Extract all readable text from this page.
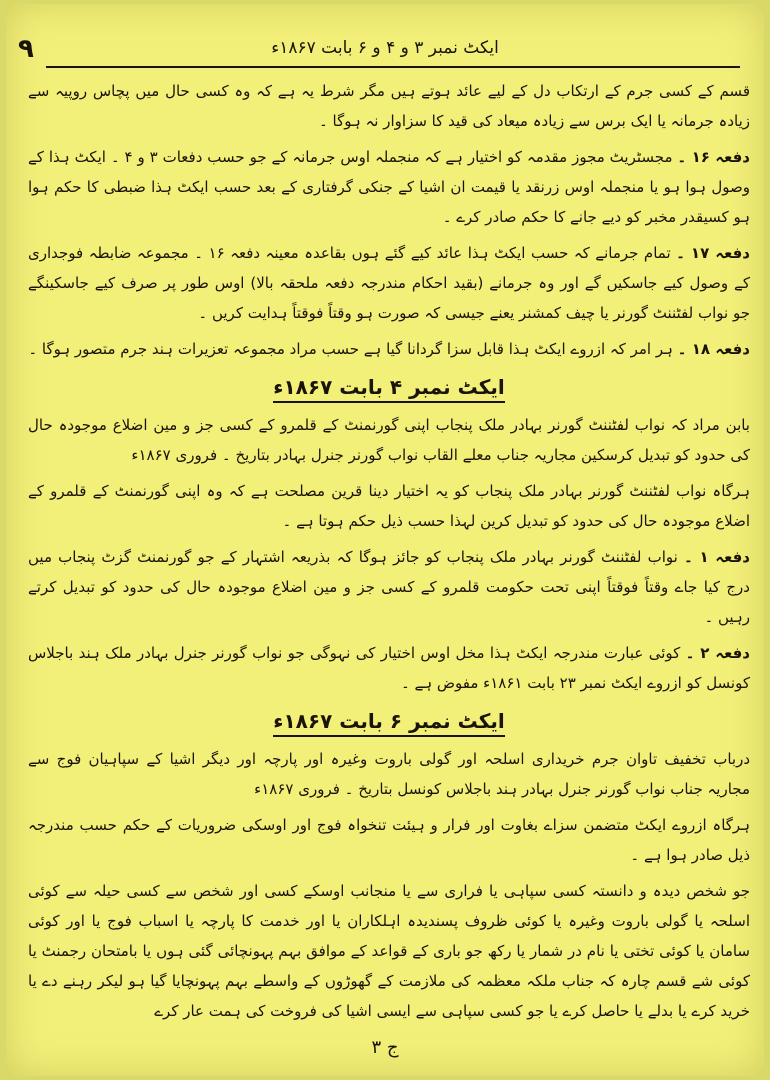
٩	ایکٹ نمبر ۳ و ۴ و ۶ بابت ۱۸۶۷ء

قسم کے کسی جرم کے ارتکاب دل کے لیے عائد ہوتے ہیں مگر شرط یہ ہے کہ وہ کسی حال میں پچاس روپیہ سے زیادہ جرمانہ یا ایک برس سے زیادہ میعاد کی قید کا سزاوار نہ ہوگا ۔

دفعہ ۱۶ ۔ مجسٹریٹ مجوز مقدمہ کو اختیار ہے کہ منجملہ اوس جرمانہ کے جو حسب دفعات ۳ و ۴ ۔ ایکٹ ہذا کے وصول ہوا ہو یا منجملہ اوس زرنقد یا قیمت ان اشیا کے جنکی گرفتاری کے بعد حسب ایکٹ ہذا ضبطی کا حکم ہوا ہو کسیقدر مخبر کو دیے جانے کا حکم صادر کرے ۔

دفعہ ۱۷ ۔ تمام جرمانے کہ حسب ایکٹ ہذا عائد کیے گئے ہوں بقاعدہ معینہ دفعہ ۱۶ ۔ مجموعہ ضابطہ فوجداری کے وصول کیے جاسکیں گے اور وہ جرمانے (بقید احکام مندرجہ دفعہ ملحقہ بالا) اوس طور پر صرف کیے جاسکینگے جو نواب لفٹننٹ گورنر یا چیف کمشنر یعنے جیسی کہ صورت ہو وقتاً فوقتاً ہدایت کریں ۔

دفعہ ۱۸ ۔ ہر امر کہ ازروے ایکٹ ہذا قابل سزا گردانا گیا ہے حسب مراد مجموعہ تعزیرات ہند جرم متصور ہوگا ۔

ایکٹ نمبر ۴ بابت ۱۸۶۷ء

بابن مراد کہ نواب لفٹننٹ گورنر بہادر ملک پنجاب اپنی گورنمنٹ کے قلمرو کے کسی جز و مین اضلاع موجودہ حال کی حدود کو تبدیل کرسکین مجاریہ جناب معلے القاب نواب گورنر جنرل بہادر بتاریخ ۔ فروری ۱۸۶۷ء

ہرگاہ نواب لفٹننٹ گورنر بہادر ملک پنجاب کو یہ اختیار دینا قرین مصلحت ہے کہ وہ اپنی گورنمنٹ کے قلمرو کے اضلاع موجودہ حال کی حدود کو تبدیل کرین لہذا حسب ذیل حکم ہوتا ہے ۔

دفعہ ۱ ۔ نواب لفٹننٹ گورنر بہادر ملک پنجاب کو جائز ہوگا کہ بذریعہ اشتہار کے جو گورنمنٹ گزٹ پنجاب میں درج کیا جاے وقتاً فوقتاً اپنی تحت حکومت قلمرو کے کسی جز و مین اضلاع موجودہ حال کی حدود کو تبدیل کرتے رہیں ۔

دفعہ ۲ ۔ کوئی عبارت مندرجہ ایکٹ ہذا مخل اوس اختیار کی نہوگی جو نواب گورنر جنرل بہادر ملک ہند باجلاس کونسل کو ازروے ایکٹ نمبر ۲۳ بابت ۱۸۶۱ء مفوض ہے ۔

ایکٹ نمبر ۶ بابت ۱۸۶۷ء

درباب تخفیف تاوان جرم خریداری اسلحہ اور گولی باروت وغیرہ اور پارچہ اور دیگر اشیا کے سپاہیان فوج سے مجاریہ جناب نواب گورنر جنرل بہادر ہند باجلاس کونسل بتاریخ ۔ فروری ۱۸۶۷ء

ہرگاہ ازروے ایکٹ متضمن سزاے بغاوت اور فرار و ہیئت تنخواہ فوج اور اوسکی ضروریات کے حکم حسب مندرجہ ذیل صادر ہوا ہے ۔

جو شخص دیدہ و دانستہ کسی سپاہی یا فراری سے یا منجانب اوسکے کسی اور شخص سے کسی حیلہ سے کوئی اسلحہ یا گولی باروت وغیرہ یا کوئی ظروف پسندیدہ اہلکاران یا اور خدمت کا پارچہ یا اسباب فوج یا اور کوئی سامان یا کوئی تختی یا نام در شمار یا رکھ جو باری کے قواعد کے موافق بہم پہونچائی گئی ہوں یا بامتحان رجمنٹ یا کوئی شے قسم چارہ کہ جناب ملکہ معظمہ کی ملازمت کے گھوڑوں کے واسطے بہم پہونچایا گیا ہو لیکر رہنے دے یا خرید کرے یا بدلے یا حاصل کرے یا جو کسی سپاہی سے ایسی اشیا کی فروخت کی ہمت عار کرے

ج ٣
